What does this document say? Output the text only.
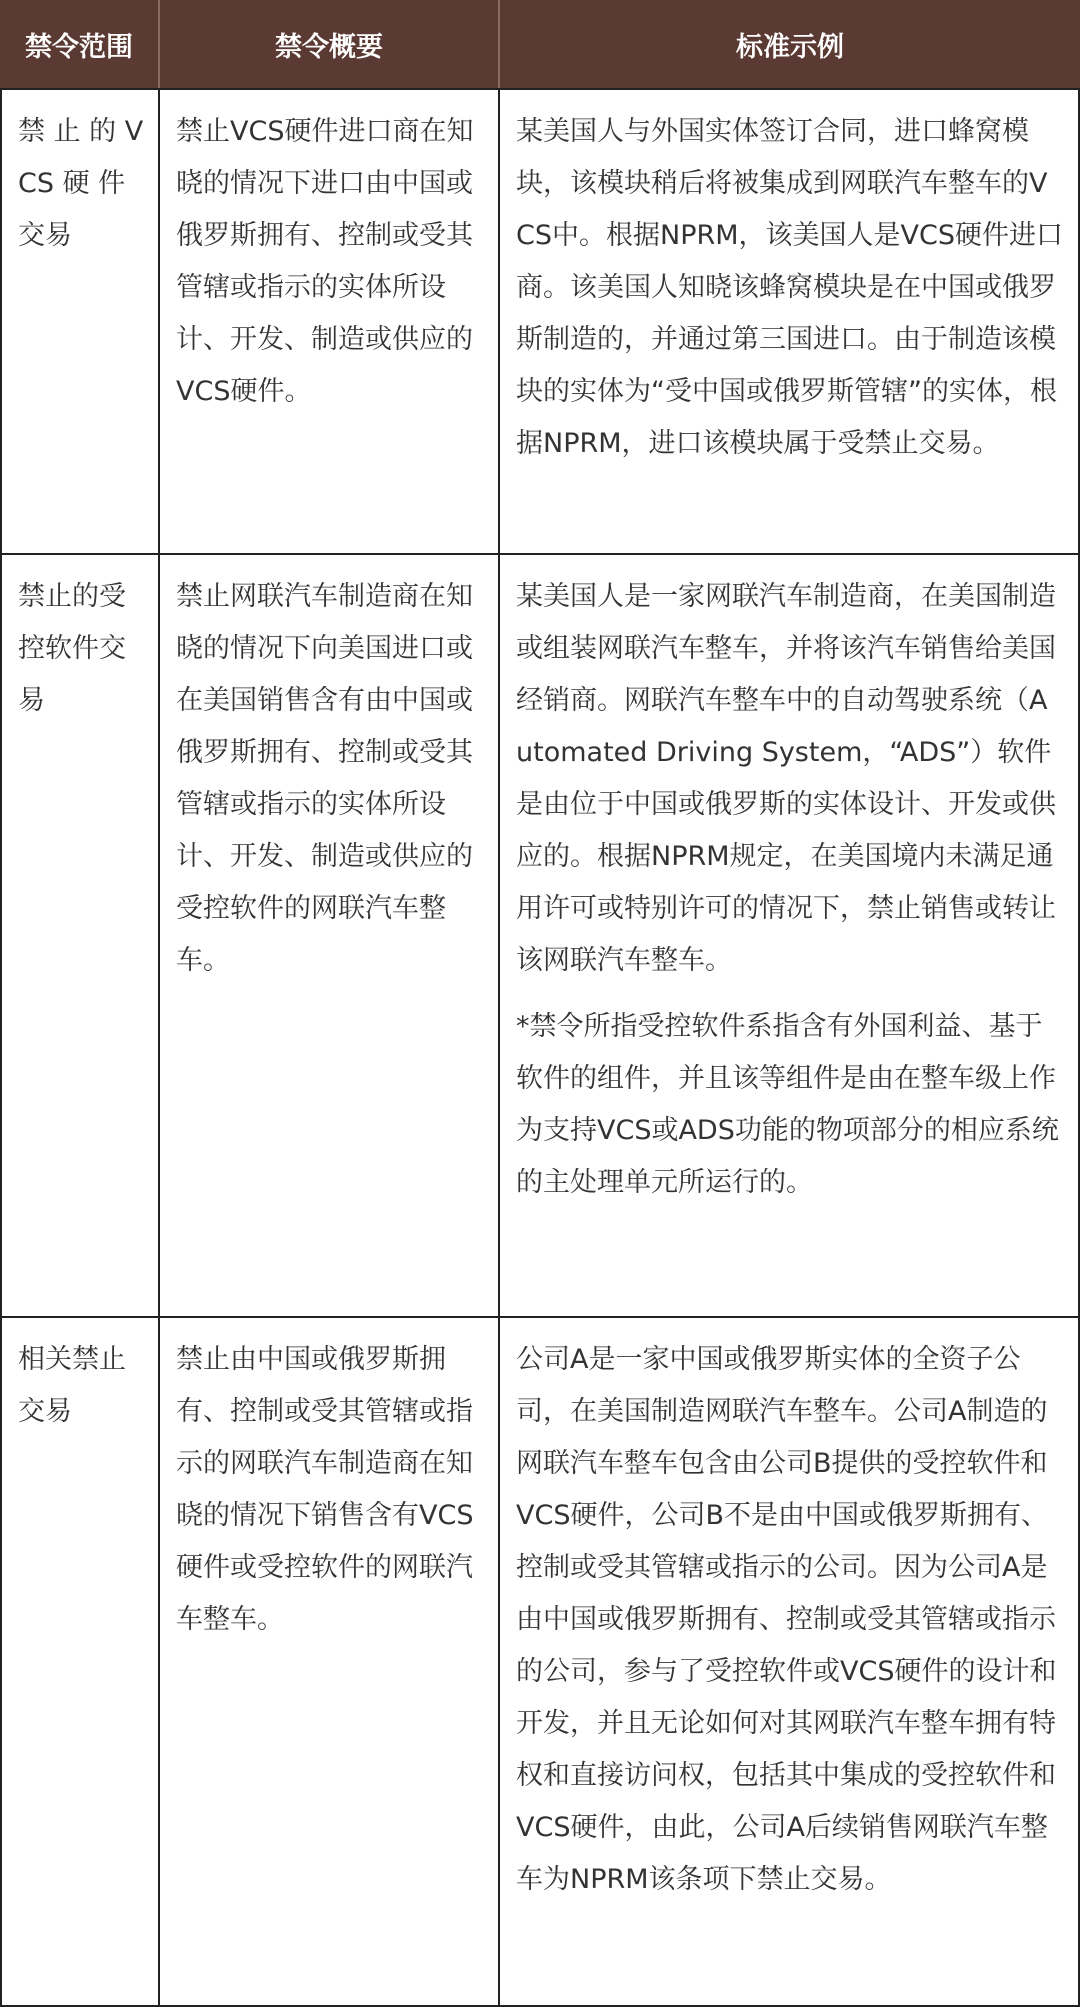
禁令范围	禁令概要	标准示例
禁 止 的 VCS 硬 件交易
禁止VCS硬件进口商在知晓的情况下进口由中国或俄罗斯拥有、控制或受其管辖或指示的实体所设计、开发、制造或供应的VCS硬件。
某美国人与外国实体签订合同，进口蜂窝模块，该模块稍后将被集成到网联汽车整车的VCS中。根据NPRM，该美国人是VCS硬件进口商。该美国人知晓该蜂窝模块是在中国或俄罗斯制造的，并通过第三国进口。由于制造该模块的实体为“受中国或俄罗斯管辖”的实体，根据NPRM，进口该模块属于受禁止交易。
禁止的受控软件交易
禁止网联汽车制造商在知晓的情况下向美国进口或在美国销售含有由中国或俄罗斯拥有、控制或受其管辖或指示的实体所设计、开发、制造或供应的受控软件的网联汽车整车。
某美国人是一家网联汽车制造商，在美国制造或组装网联汽车整车，并将该汽车销售给美国经销商。网联汽车整车中的自动驾驶系统（Automated Driving System，“ADS”）软件是由位于中国或俄罗斯的实体设计、开发或供应的。根据NPRM规定，在美国境内未满足通用许可或特别许可的情况下，禁止销售或转让该网联汽车整车。
*禁令所指受控软件系指含有外国利益、基于软件的组件，并且该等组件是由在整车级上作为支持VCS或ADS功能的物项部分的相应系统的主处理单元所运行的。
相关禁止交易
禁止由中国或俄罗斯拥有、控制或受其管辖或指示的网联汽车制造商在知晓的情况下销售含有VCS硬件或受控软件的网联汽车整车。
公司A是一家中国或俄罗斯实体的全资子公司，在美国制造网联汽车整车。公司A制造的网联汽车整车包含由公司B提供的受控软件和VCS硬件，公司B不是由中国或俄罗斯拥有、控制或受其管辖或指示的公司。因为公司A是由中国或俄罗斯拥有、控制或受其管辖或指示的公司，参与了受控软件或VCS硬件的设计和开发，并且无论如何对其网联汽车整车拥有特权和直接访问权，包括其中集成的受控软件和VCS硬件，由此，公司A后续销售网联汽车整车为NPRM该条项下禁止交易。
